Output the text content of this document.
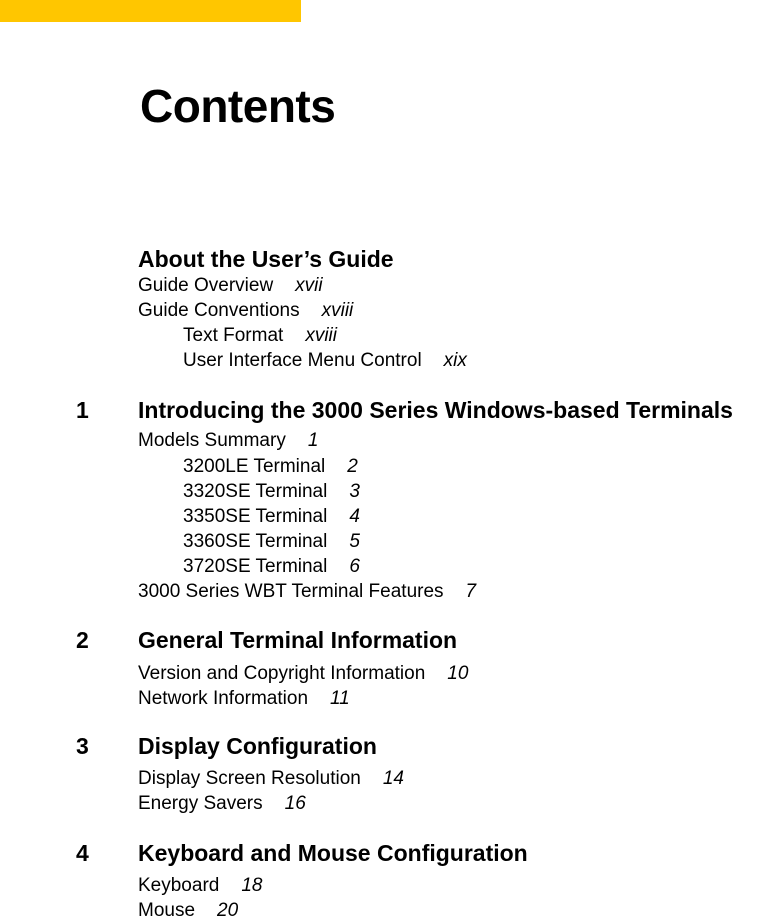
Contents
About the User’s Guide
Guide Overview xvii
Guide Conventions xviii
Text Format xviii
User Interface Menu Control xix
1 Introducing the 3000 Series Windows-based Terminals
Models Summary 1
3200LE Terminal 2
3320SE Terminal 3
3350SE Terminal 4
3360SE Terminal 5
3720SE Terminal 6
3000 Series WBT Terminal Features 7
2 General Terminal Information
Version and Copyright Information 10
Network Information 11
3 Display Configuration
Display Screen Resolution 14
Energy Savers 16
4 Keyboard and Mouse Configuration
Keyboard 18
Mouse 20
